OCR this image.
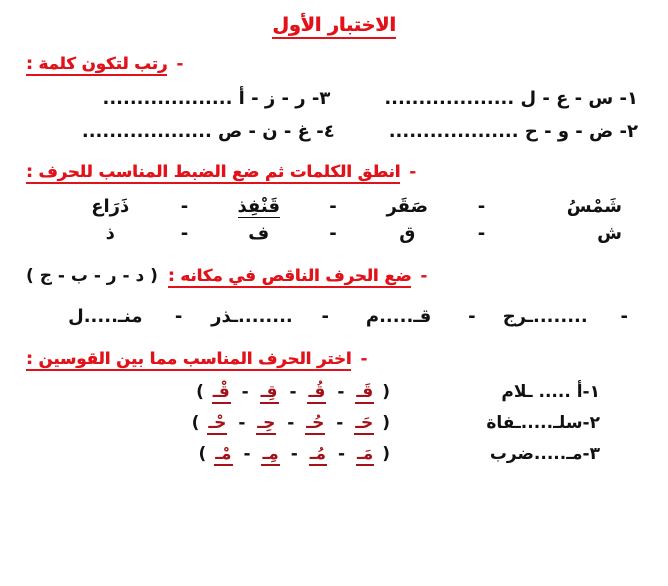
الاختبار الأول
-
رتب لتكون كلمة :
١- س - ع - ل ...................
٣- ر - ز - أ ...................
٢- ض - و - ح ...................
٤- غ - ن - ص ...................
-
انطق الكلمات ثم ضع الضبط المناسب للحرف :
شَمْسُ
-
صَقَر
-
قَنْفِذ
-
ذَرَاع
ش
-
ق
-
ف
-
ذ
-
ضع الحرف الناقص في مكانه :
( د - ر - ب - ج )
-
........ـرج
-
قـ.....م
-
........ـذر
-
منـ.....ل
-
اختر الحرف المناسب مما بين القوسين :
١-أ ..... ـلام
( قَـ - قُـ - قِـ - قْـ )
٢-سلـ.....ـفاة
( حَـ - حُـ - حِـ - حْـ )
٣-مـ.....ضرب
( مَـ - مُـ - مِـ - مْـ )
